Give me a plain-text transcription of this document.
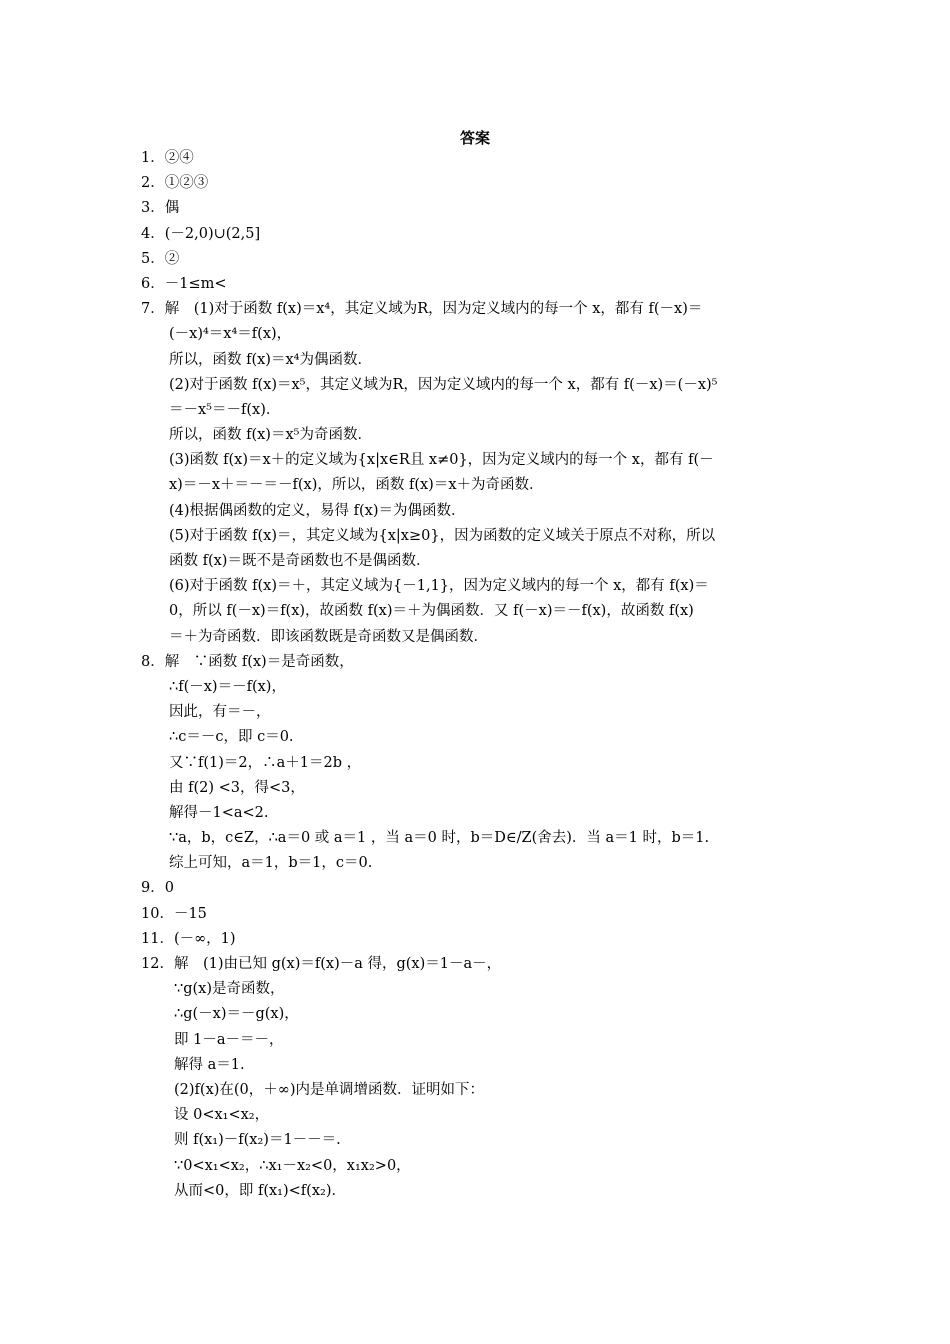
答案
1．②④
2．①②③
3．偶
4．(－2,0)∪(2,5]
5．②
6．－1≤m<
7．解　(1)对于函数 f(x)＝x⁴，其定义域为R，因为定义域内的每一个 x，都有 f(－x)＝
(－x)⁴＝x⁴＝f(x)，
所以，函数 f(x)＝x⁴为偶函数．
(2)对于函数 f(x)＝x⁵，其定义域为R，因为定义域内的每一个 x，都有 f(－x)＝(－x)⁵
＝－x⁵＝－f(x)．
所以，函数 f(x)＝x⁵为奇函数．
(3)函数 f(x)＝x＋的定义域为{x|x∈R且 x≠0}，因为定义域内的每一个 x，都有 f(－
x)＝－x＋＝－＝－f(x)，所以，函数 f(x)＝x＋为奇函数．
(4)根据偶函数的定义，易得 f(x)＝为偶函数．
(5)对于函数 f(x)＝，其定义域为{x|x≥0}，因为函数的定义域关于原点不对称，所以
函数 f(x)＝既不是奇函数也不是偶函数．
(6)对于函数 f(x)＝＋，其定义域为{－1,1}，因为定义域内的每一个 x，都有 f(x)＝
0，所以 f(－x)＝f(x)，故函数 f(x)＝＋为偶函数．又 f(－x)＝－f(x)，故函数 f(x)
＝＋为奇函数．即该函数既是奇函数又是偶函数．
8．解　∵函数 f(x)＝是奇函数，
∴f(－x)＝－f(x)，
因此，有＝－，
∴c＝－c，即 c＝0.
又∵f(1)＝2，∴a＋1＝2b ，
由 f(2) <3，得<3，
解得－1<a<2.
∵a，b，c∈Z，∴a＝0 或 a＝1 ，当 a＝0 时，b＝D∈/Z(舍去)．当 a＝1 时，b＝1.
综上可知，a＝1，b＝1，c＝0.
9．0
10．－15
11．(－∞，1)
12．解　(1)由已知 g(x)＝f(x)－a 得，g(x)＝1－a－，
∵g(x)是奇函数，
∴g(－x)＝－g(x)，
即 1－a－＝－，
解得 a＝1.
(2)f(x)在(0，＋∞)内是单调增函数．证明如下：
设 0<x₁<x₂，
则 f(x₁)－f(x₂)＝1－－＝.
∵0<x₁<x₂，∴x₁－x₂<0，x₁x₂>0，
从而<0，即 f(x₁)<f(x₂)．
